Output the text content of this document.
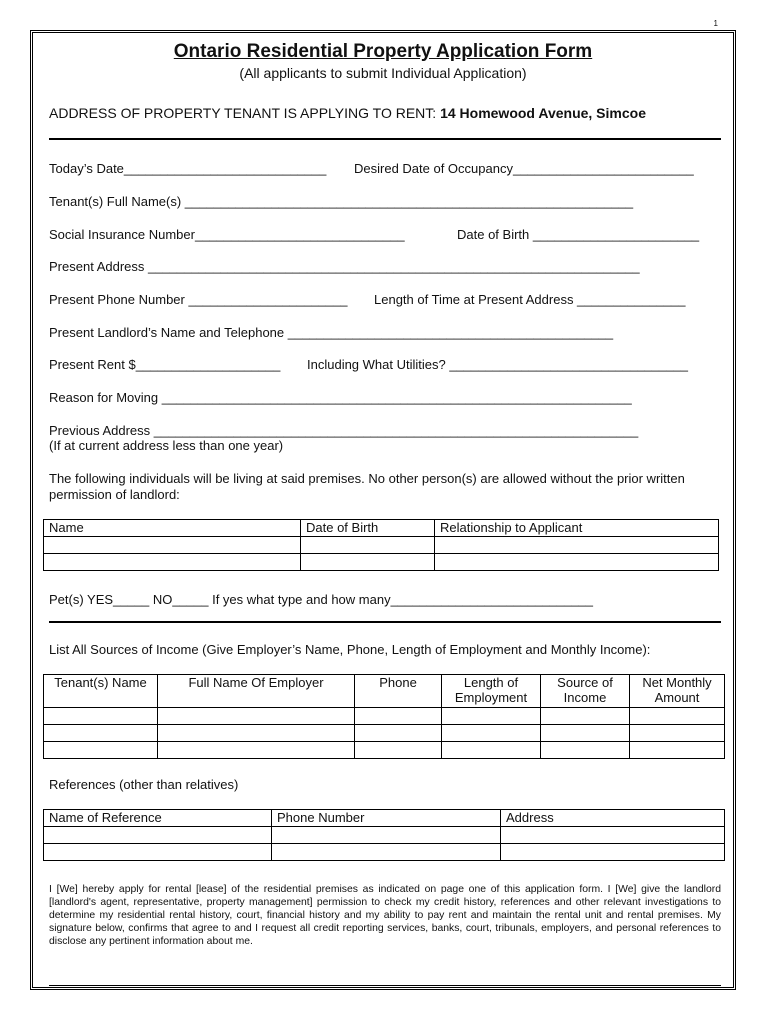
1
Ontario Residential Property Application Form
(All applicants to submit Individual Application)
ADDRESS OF PROPERTY TENANT IS APPLYING TO RENT: 14 Homewood Avenue, Simcoe
Today’s Date____________________________ Desired Date of Occupancy_________________________
Tenant(s) Full Name(s) ______________________________________________________________
Social Insurance Number_____________________________	Date of Birth _______________________
Present Address ____________________________________________________________________
Present Phone Number ______________________ Length of Time at Present Address _______________
Present Landlord’s Name and Telephone _____________________________________________
Present Rent $____________________ Including What Utilities? _________________________________
Reason for Moving _________________________________________________________________
Previous Address ___________________________________________________________________
(If at current address less than one year)
The following individuals will be living at said premises. No other person(s) are allowed without the prior written permission of landlord:
Name	Date of Birth	Relationship to Applicant

Pet(s) YES_____ NO_____ If yes what type and how many____________________________
List All Sources of Income (Give Employer’s Name, Phone, Length of Employment and Monthly Income):
Tenant(s) Name	Full Name Of Employer	Phone	Length of Employment	Source of Income	Net Monthly Amount

References (other than relatives)
Name of Reference	Phone Number	Address

I [We] hereby apply for rental [lease] of the residential premises as indicated on page one of this application form. I [We] give the landlord [landlord's agent, representative, property management] permission to check my credit history, references and other relevant investigations to determine my residential rental history, court, financial history and my ability to pay rent and maintain the rental unit and rental premises. My signature below, confirms that agree to and I request all credit reporting services, banks, court, tribunals, employers, and personal references to disclose any pertinent information about me.
